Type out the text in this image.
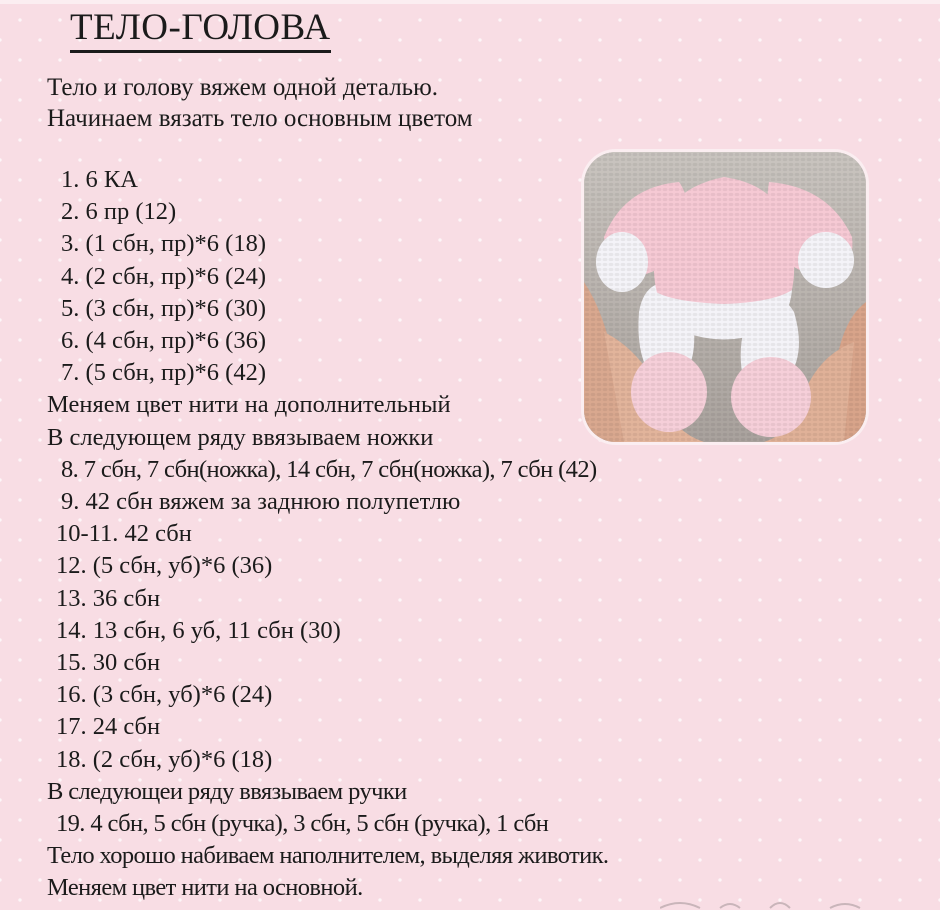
ТЕЛО-ГОЛОВА
Тело и голову вяжем одной деталью.
Начинаем вязать тело основным цветом
1. 6 КА
2. 6 пр (12)
3. (1 сбн, пр)*6 (18)
4. (2 сбн, пр)*6 (24)
5. (3 сбн, пр)*6 (30)
6. (4 сбн, пр)*6 (36)
7. (5 сбн, пр)*6 (42)
Меняем цвет нити на дополнительный
В следующем ряду ввязываем ножки
8. 7 сбн, 7 сбн(ножка), 14 сбн, 7 сбн(ножка), 7 сбн (42)
9. 42 сбн вяжем за заднюю полупетлю
10-11. 42 сбн
12. (5 сбн, уб)*6 (36)
13. 36 сбн
14. 13 сбн, 6 уб, 11 сбн (30)
15. 30 сбн
16. (3 сбн, уб)*6 (24)
17. 24 сбн
18. (2 сбн, уб)*6 (18)
В следующеи ряду ввязываем ручки
19. 4 сбн, 5 сбн (ручка), 3 сбн, 5 сбн (ручка), 1 сбн
Тело хорошо набиваем наполнителем, выделяя животик.
Меняем цвет нити на основной.
